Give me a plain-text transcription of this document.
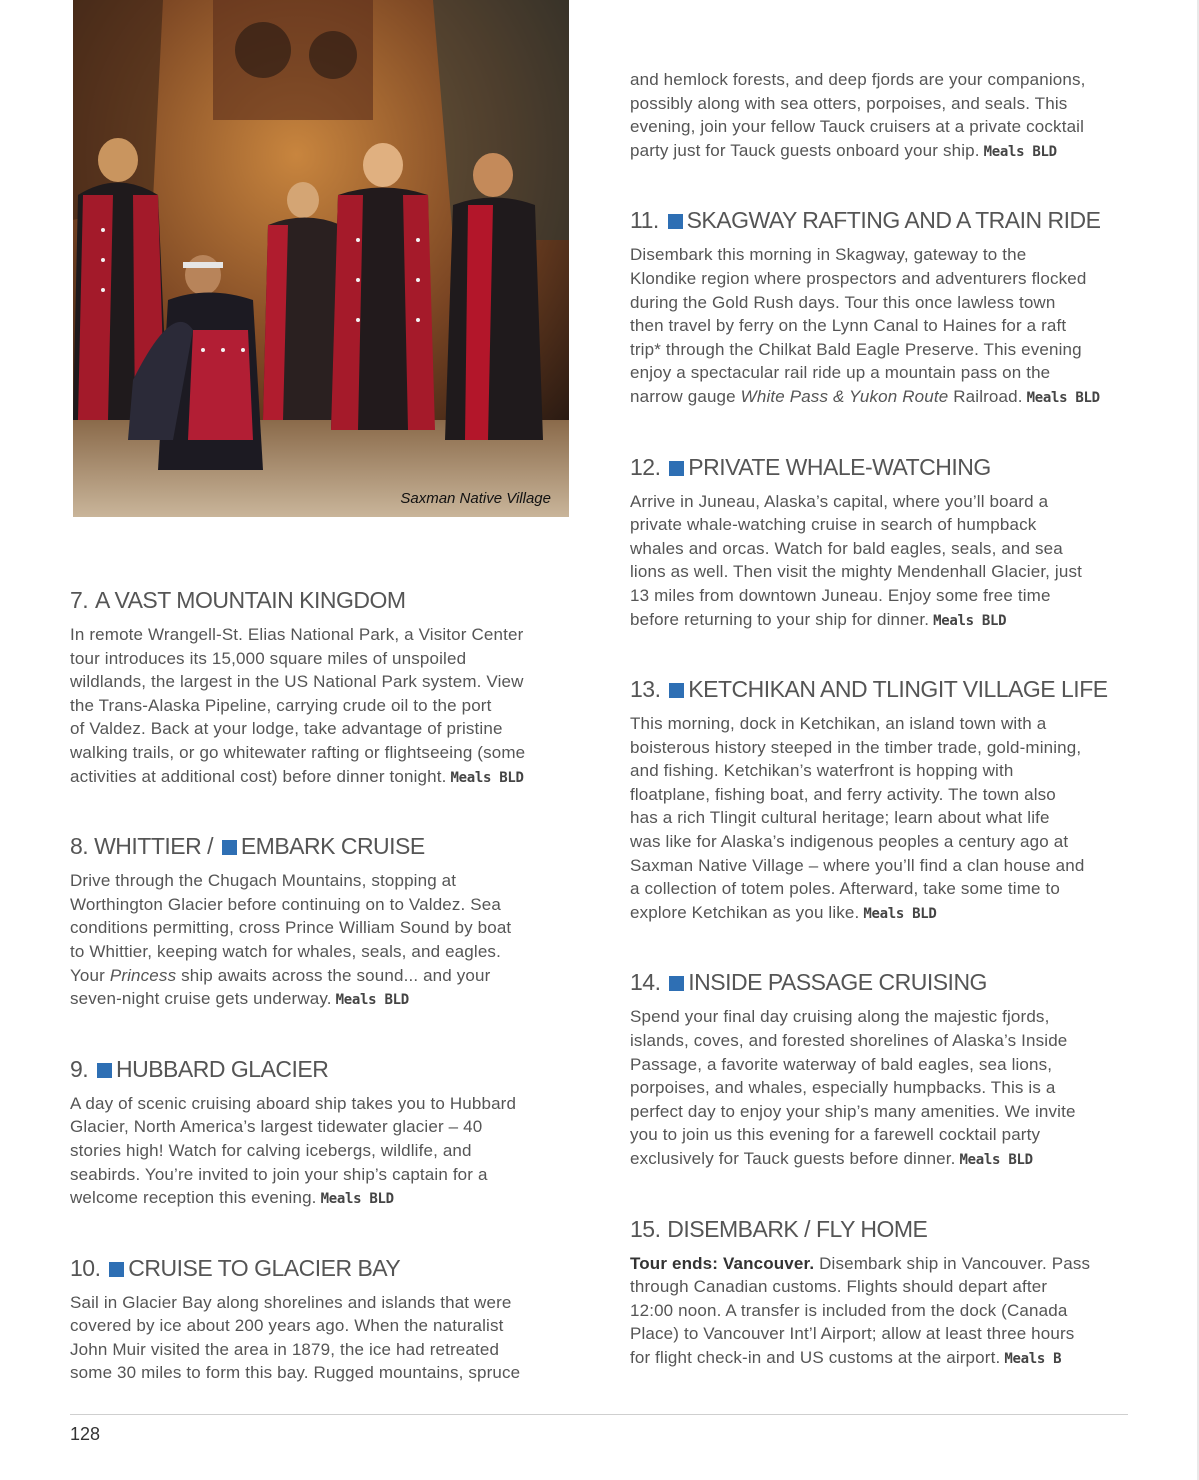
Saxman Native Village
7. A VAST MOUNTAIN KINGDOM

In remote Wrangell-St. Elias National Park, a Visitor Center
tour introduces its 15,000 square miles of unspoiled
wildlands, the largest in the US National Park system. View
the Trans-Alaska Pipeline, carrying crude oil to the port
of Valdez. Back at your lodge, take advantage of pristine
walking trails, or go whitewater rafting or flightseeing (some
activities at additional cost) before dinner tonight. Meals BLD

8. WHITTIER / EMBARK CRUISE

Drive through the Chugach Mountains, stopping at
Worthington Glacier before continuing on to Valdez. Sea
conditions permitting, cross Prince William Sound by boat
to Whittier, keeping watch for whales, seals, and eagles.
Your Princess ship awaits across the sound... and your
seven-night cruise gets underway. Meals BLD

9. HUBBARD GLACIER

A day of scenic cruising aboard ship takes you to Hubbard
Glacier, North America’s largest tidewater glacier – 40
stories high! Watch for calving icebergs, wildlife, and
seabirds. You’re invited to join your ship’s captain for a
welcome reception this evening. Meals BLD

10. CRUISE TO GLACIER BAY

Sail in Glacier Bay along shorelines and islands that were
covered by ice about 200 years ago. When the naturalist
John Muir visited the area in 1879, the ice had retreated
some 30 miles to form this bay. Rugged mountains, spruce

and hemlock forests, and deep fjords are your companions,
possibly along with sea otters, porpoises, and seals. This
evening, join your fellow Tauck cruisers at a private cocktail
party just for Tauck guests onboard your ship. Meals BLD

11. SKAGWAY RAFTING AND A TRAIN RIDE

Disembark this morning in Skagway, gateway to the
Klondike region where prospectors and adventurers flocked
during the Gold Rush days. Tour this once lawless town
then travel by ferry on the Lynn Canal to Haines for a raft
trip* through the Chilkat Bald Eagle Preserve. This evening
enjoy a spectacular rail ride up a mountain pass on the
narrow gauge White Pass & Yukon Route Railroad. Meals BLD

12. PRIVATE WHALE-WATCHING

Arrive in Juneau, Alaska’s capital, where you’ll board a
private whale-watching cruise in search of humpback
whales and orcas. Watch for bald eagles, seals, and sea
lions as well. Then visit the mighty Mendenhall Glacier, just
13 miles from downtown Juneau. Enjoy some free time
before returning to your ship for dinner. Meals BLD

13. KETCHIKAN AND TLINGIT VILLAGE LIFE

This morning, dock in Ketchikan, an island town with a
boisterous history steeped in the timber trade, gold-mining,
and fishing. Ketchikan’s waterfront is hopping with
floatplane, fishing boat, and ferry activity. The town also
has a rich Tlingit cultural heritage; learn about what life
was like for Alaska’s indigenous peoples a century ago at
Saxman Native Village – where you’ll find a clan house and
a collection of totem poles. Afterward, take some time to
explore Ketchikan as you like. Meals BLD

14. INSIDE PASSAGE CRUISING

Spend your final day cruising along the majestic fjords,
islands, coves, and forested shorelines of Alaska’s Inside
Passage, a favorite waterway of bald eagles, sea lions,
porpoises, and whales, especially humpbacks. This is a
perfect day to enjoy your ship’s many amenities. We invite
you to join us this evening for a farewell cocktail party
exclusively for Tauck guests before dinner. Meals BLD

15. DISEMBARK / FLY HOME

Tour ends: Vancouver. Disembark ship in Vancouver. Pass
through Canadian customs. Flights should depart after
12:00 noon. A transfer is included from the dock (Canada
Place) to Vancouver Int’l Airport; allow at least three hours
for flight check-in and US customs at the airport. Meals B

128
